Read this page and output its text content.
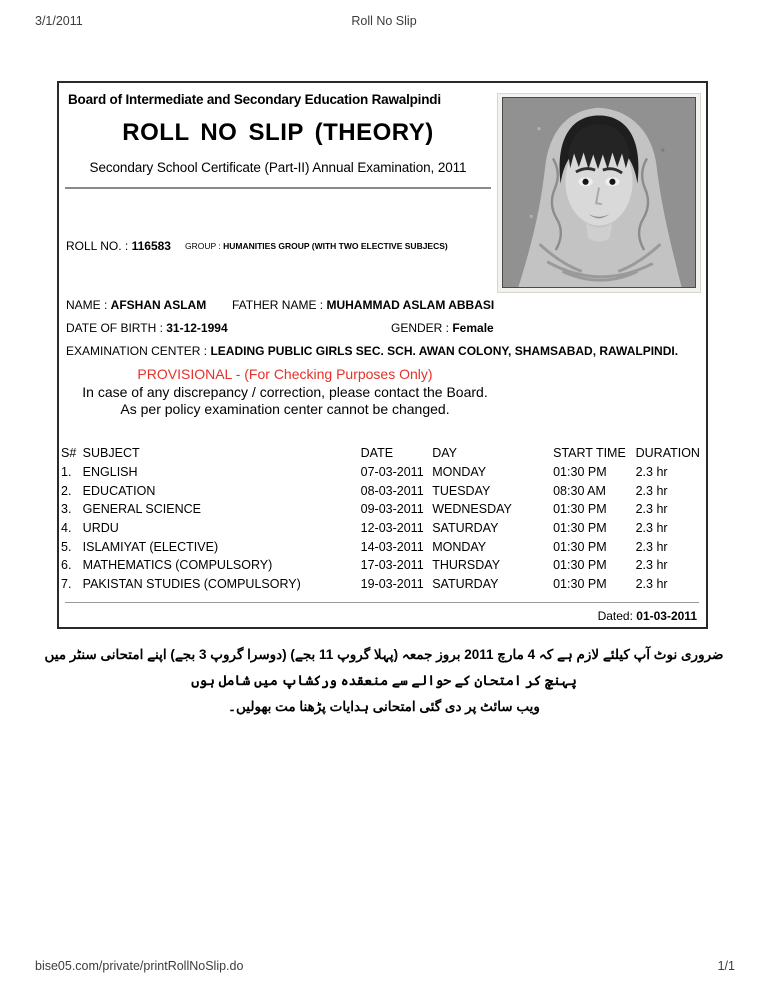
3/1/2011	Roll No Slip
Board of Intermediate and Secondary Education Rawalpindi
ROLL NO SLIP (THEORY)
Secondary School Certificate (Part-II) Annual Examination, 2011
ROLL NO. : 116583 GROUP : HUMANITIES GROUP (WITH TWO ELECTIVE SUBJECS)
NAME : AFSHAN ASLAM FATHER NAME : MUHAMMAD ASLAM ABBASI
DATE OF BIRTH : 31-12-1994	GENDER : Female
EXAMINATION CENTER : LEADING PUBLIC GIRLS SEC. SCH. AWAN COLONY, SHAMSABAD, RAWALPINDI.
PROVISIONAL - (For Checking Purposes Only)
In case of any discrepancy / correction, please contact the Board.
As per policy examination center cannot be changed.
S#	SUBJECT	DATE	DAY	START TIME	DURATION
1.	ENGLISH	07-03-2011	MONDAY	01:30 PM	2.3 hr
2.	EDUCATION	08-03-2011	TUESDAY	08:30 AM	2.3 hr
3.	GENERAL SCIENCE	09-03-2011	WEDNESDAY	01:30 PM	2.3 hr
4.	URDU	12-03-2011	SATURDAY	01:30 PM	2.3 hr
5.	ISLAMIYAT (ELECTIVE)	14-03-2011	MONDAY	01:30 PM	2.3 hr
6.	MATHEMATICS (COMPULSORY)	17-03-2011	THURSDAY	01:30 PM	2.3 hr
7.	PAKISTAN STUDIES (COMPULSORY)	19-03-2011	SATURDAY	01:30 PM	2.3 hr
Dated: 01-03-2011
ضروری نوٹ آپ کیلئے لازم ہے کہ 4 مارچ 2011 بروز جمعہ (پہلا گروپ 11 بجے) (دوسرا گروپ 3 بجے) اپنے امتحانی سنٹر میں
پہنچ کر امتحان کے حوالے سے منعقدہ ورکشاپ میں شامل ہوں
ویب سائٹ پر دی گئی امتحانی ہدایات پڑھنا مت بھولیں۔
bise05.com/private/printRollNoSlip.do	1/1
